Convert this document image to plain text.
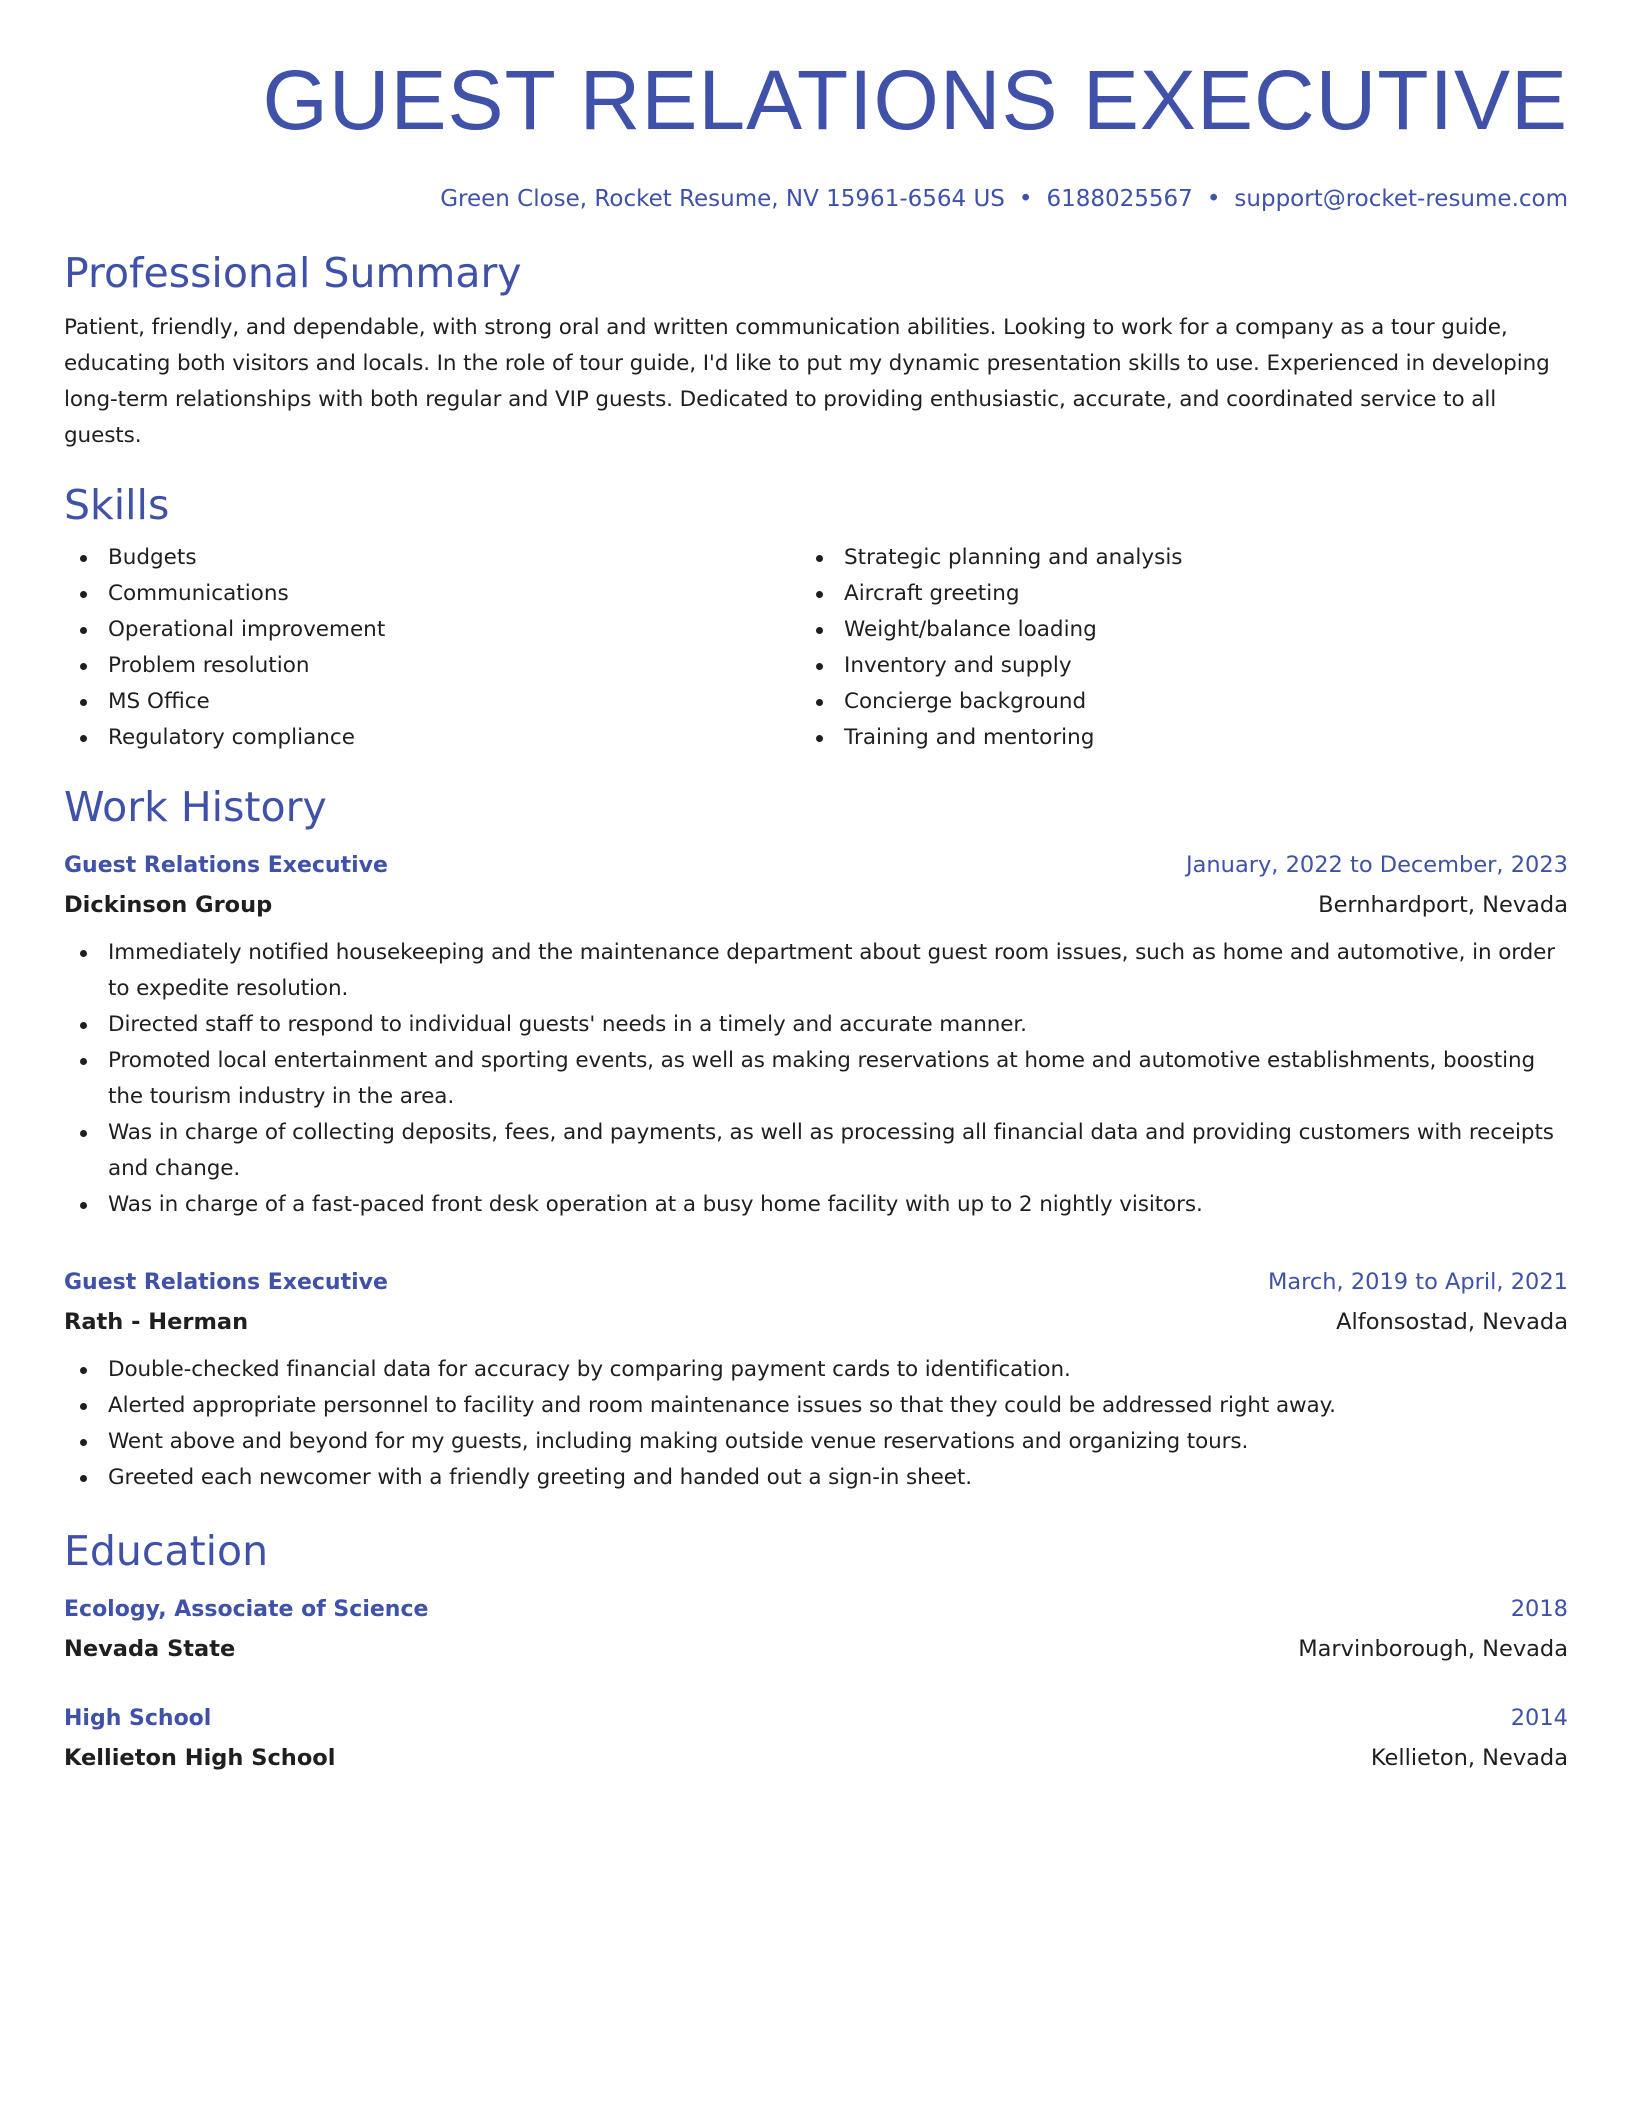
GUEST RELATIONS EXECUTIVE
Green Close, Rocket Resume, NV 15961-6564 US • 6188025567 • support@rocket-resume.com
Professional Summary

Patient, friendly, and dependable, with strong oral and written communication abilities. Looking to work for a company as a tour guide, educating both visitors and locals. In the role of tour guide, I'd like to put my dynamic presentation skills to use. Experienced in developing long-term relationships with both regular and VIP guests. Dedicated to providing enthusiastic, accurate, and coordinated service to all guests.

Skills
Budgets
Communications
Operational improvement
Problem resolution
MS Office
Regulatory compliance
Strategic planning and analysis
Aircraft greeting
Weight/balance loading
Inventory and supply
Concierge background
Training and mentoring
Work History
Guest Relations Executive	January, 2022 to December, 2023
Dickinson Group	Bernhardport, Nevada
Immediately notified housekeeping and the maintenance department about guest room issues, such as home and automotive, in order to expedite resolution.
Directed staff to respond to individual guests' needs in a timely and accurate manner.
Promoted local entertainment and sporting events, as well as making reservations at home and automotive establishments, boosting the tourism industry in the area.
Was in charge of collecting deposits, fees, and payments, as well as processing all financial data and providing customers with receipts and change.
Was in charge of a fast-paced front desk operation at a busy home facility with up to 2 nightly visitors.
Guest Relations Executive	March, 2019 to April, 2021
Rath - Herman	Alfonsostad, Nevada
Double-checked financial data for accuracy by comparing payment cards to identification.
Alerted appropriate personnel to facility and room maintenance issues so that they could be addressed right away.
Went above and beyond for my guests, including making outside venue reservations and organizing tours.
Greeted each newcomer with a friendly greeting and handed out a sign-in sheet.
Education
Ecology, Associate of Science	2018
Nevada State	Marvinborough, Nevada
High School	2014
Kellieton High School	Kellieton, Nevada
